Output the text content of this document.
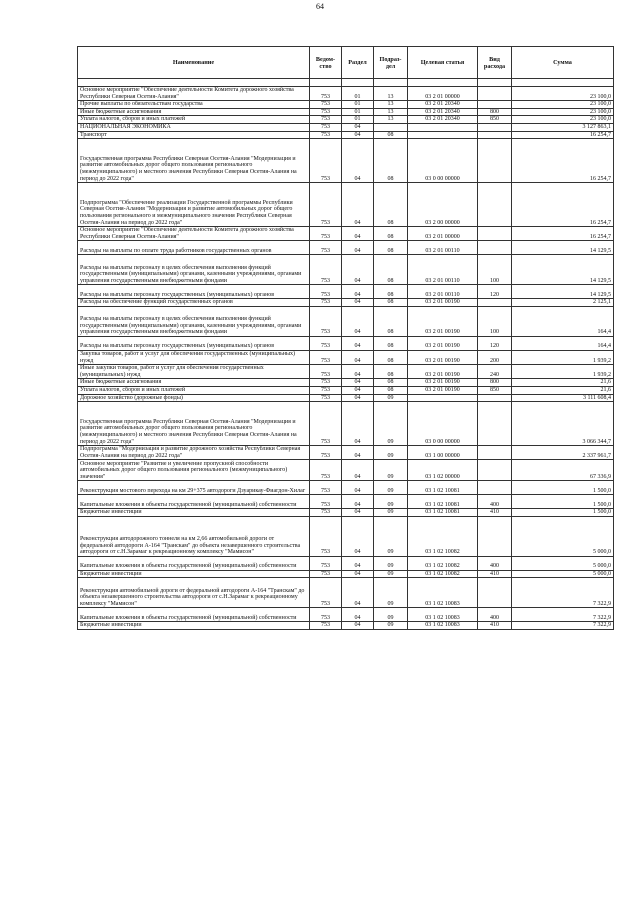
64
Наименование	Ведом-ство	Раздел	Подраз-дел	Целевая статья	Вид расхода	Сумма

Основное мероприятие "Обеспечение деятельности Комитета дорожного хозяйства Республики Северная Осетия-Алания"	753	01	13	03 2 01 00000		23 100,0
Прочие выплаты по обязательствам государства	753	01	13	03 2 01 20340		23 100,0
Иные бюджетные ассигнования	753	01	13	03 2 01 20340	800	23 100,0
Уплата налогов, сборов и иных платежей	753	01	13	03 2 01 20340	850	23 100,0
НАЦИОНАЛЬНАЯ ЭКОНОМИКА	753	04				3 127 863,1
Транспорт	753	04	08			16 254,7
Государственная программа Республики Северная Осетия-Алания "Модернизация и развитие автомобильных дорог общего пользования регионального (межмуниципального) и местного значения Республики Северная Осетия-Алания на период до 2022 года"	753	04	08	03 0 00 00000		16 254,7
Подпрограмма "Обеспечение реализации Государственной программы Республики Северная Осетия-Алания "Модернизация и развитие автомобильных дорог общего пользования регионального и межмуниципального значения Республики Северная Осетия-Алания на период до 2022 года"	753	04	08	03 2 00 00000		16 254,7
Основное мероприятие "Обеспечение деятельности Комитета дорожного хозяйства Республики Северная Осетия-Алания"	753	04	08	03 2 01 00000		16 254,7
Расходы на выплаты по оплате труда работников государственных органов	753	04	08	03 2 01 00110		14 129,5
Расходы на выплаты персоналу в целях обеспечения выполнения функций государственными (муниципальными) органами, казенными учреждениями, органами управления государственными внебюджетными фондами	753	04	08	03 2 01 00110	100	14 129,5
Расходы на выплаты персоналу государственных (муниципальных) органов	753	04	08	03 2 01 00110	120	14 129,5
Расходы на обеспечение функций государственных органов	753	04	08	03 2 01 00190		2 125,1
Расходы на выплаты персоналу в целях обеспечения выполнения функций государственными (муниципальными) органами, казенными учреждениями, органами управления государственными внебюджетными фондами	753	04	08	03 2 01 00190	100	164,4
Расходы на выплаты персоналу государственных (муниципальных) органов	753	04	08	03 2 01 00190	120	164,4
Закупка товаров, работ и услуг для обеспечения государственных (муниципальных) нужд	753	04	08	03 2 01 00190	200	1 939,2
Иные закупки товаров, работ и услуг для обеспечения государственных (муниципальных) нужд	753	04	08	03 2 01 00190	240	1 939,2
Иные бюджетные ассигнования	753	04	08	03 2 01 00190	800	21,6
Уплата налогов, сборов и иных платежей	753	04	08	03 2 01 00190	850	21,6
Дорожное хозяйство (дорожные фонды)	753	04	09			3 111 608,4
Государственная программа Республики Северная Осетия-Алания "Модернизация и развитие автомобильных дорог общего пользования регионального (межмуниципального) и местного значения Республики Северная Осетия-Алания на период до 2022 года"	753	04	09	03 0 00 00000		3 066 344,7
Подпрограмма "Модернизация и развитие дорожного хозяйства Республики Северная Осетия-Алания на период до 2022 года"	753	04	09	03 1 00 00000		2 337 961,7
Основное мероприятие "Развитие и увеличение пропускной способности автомобильных дорог общего пользования регионального (межмуниципального) значения"	753	04	09	03 1 02 00000		67 336,9
Реконструкция мостового перехода на км 29+375 автодороги Дзуарикау-Фиагдон-Хилаг	753	04	09	03 1 02 10081		1 500,0
Капитальные вложения в объекты государственной (муниципальной) собственности	753	04	09	03 1 02 10081	400	1 500,0
Бюджетные инвестиции	753	04	09	03 1 02 10081	410	1 500,0
Реконструкция автодорожного тоннеля на км 2,66 автомобильной дороги от федеральной автодороги А-164 "Транскам" до объекта незавершенного строительства автодороги от с.Н.Зарамаг к рекреационному комплексу "Мамисон"	753	04	09	03 1 02 10082		5 000,0
Капитальные вложения в объекты государственной (муниципальной) собственности	753	04	09	03 1 02 10082	400	5 000,0
Бюджетные инвестиции	753	04	09	03 1 02 10082	410	5 000,0
Реконструкция автомобильной дороги от федеральной автодороги А-164 "Транскам" до объекта незавершенного строительства автодороги от с.Н.Зарамаг к рекреационному комплексу "Мамисон"	753	04	09	03 1 02 10083		7 322,9
Капитальные вложения в объекты государственной (муниципальной) собственности	753	04	09	03 1 02 10083	400	7 322,9
Бюджетные инвестиции	753	04	09	03 1 02 10083	410	7 322,9
